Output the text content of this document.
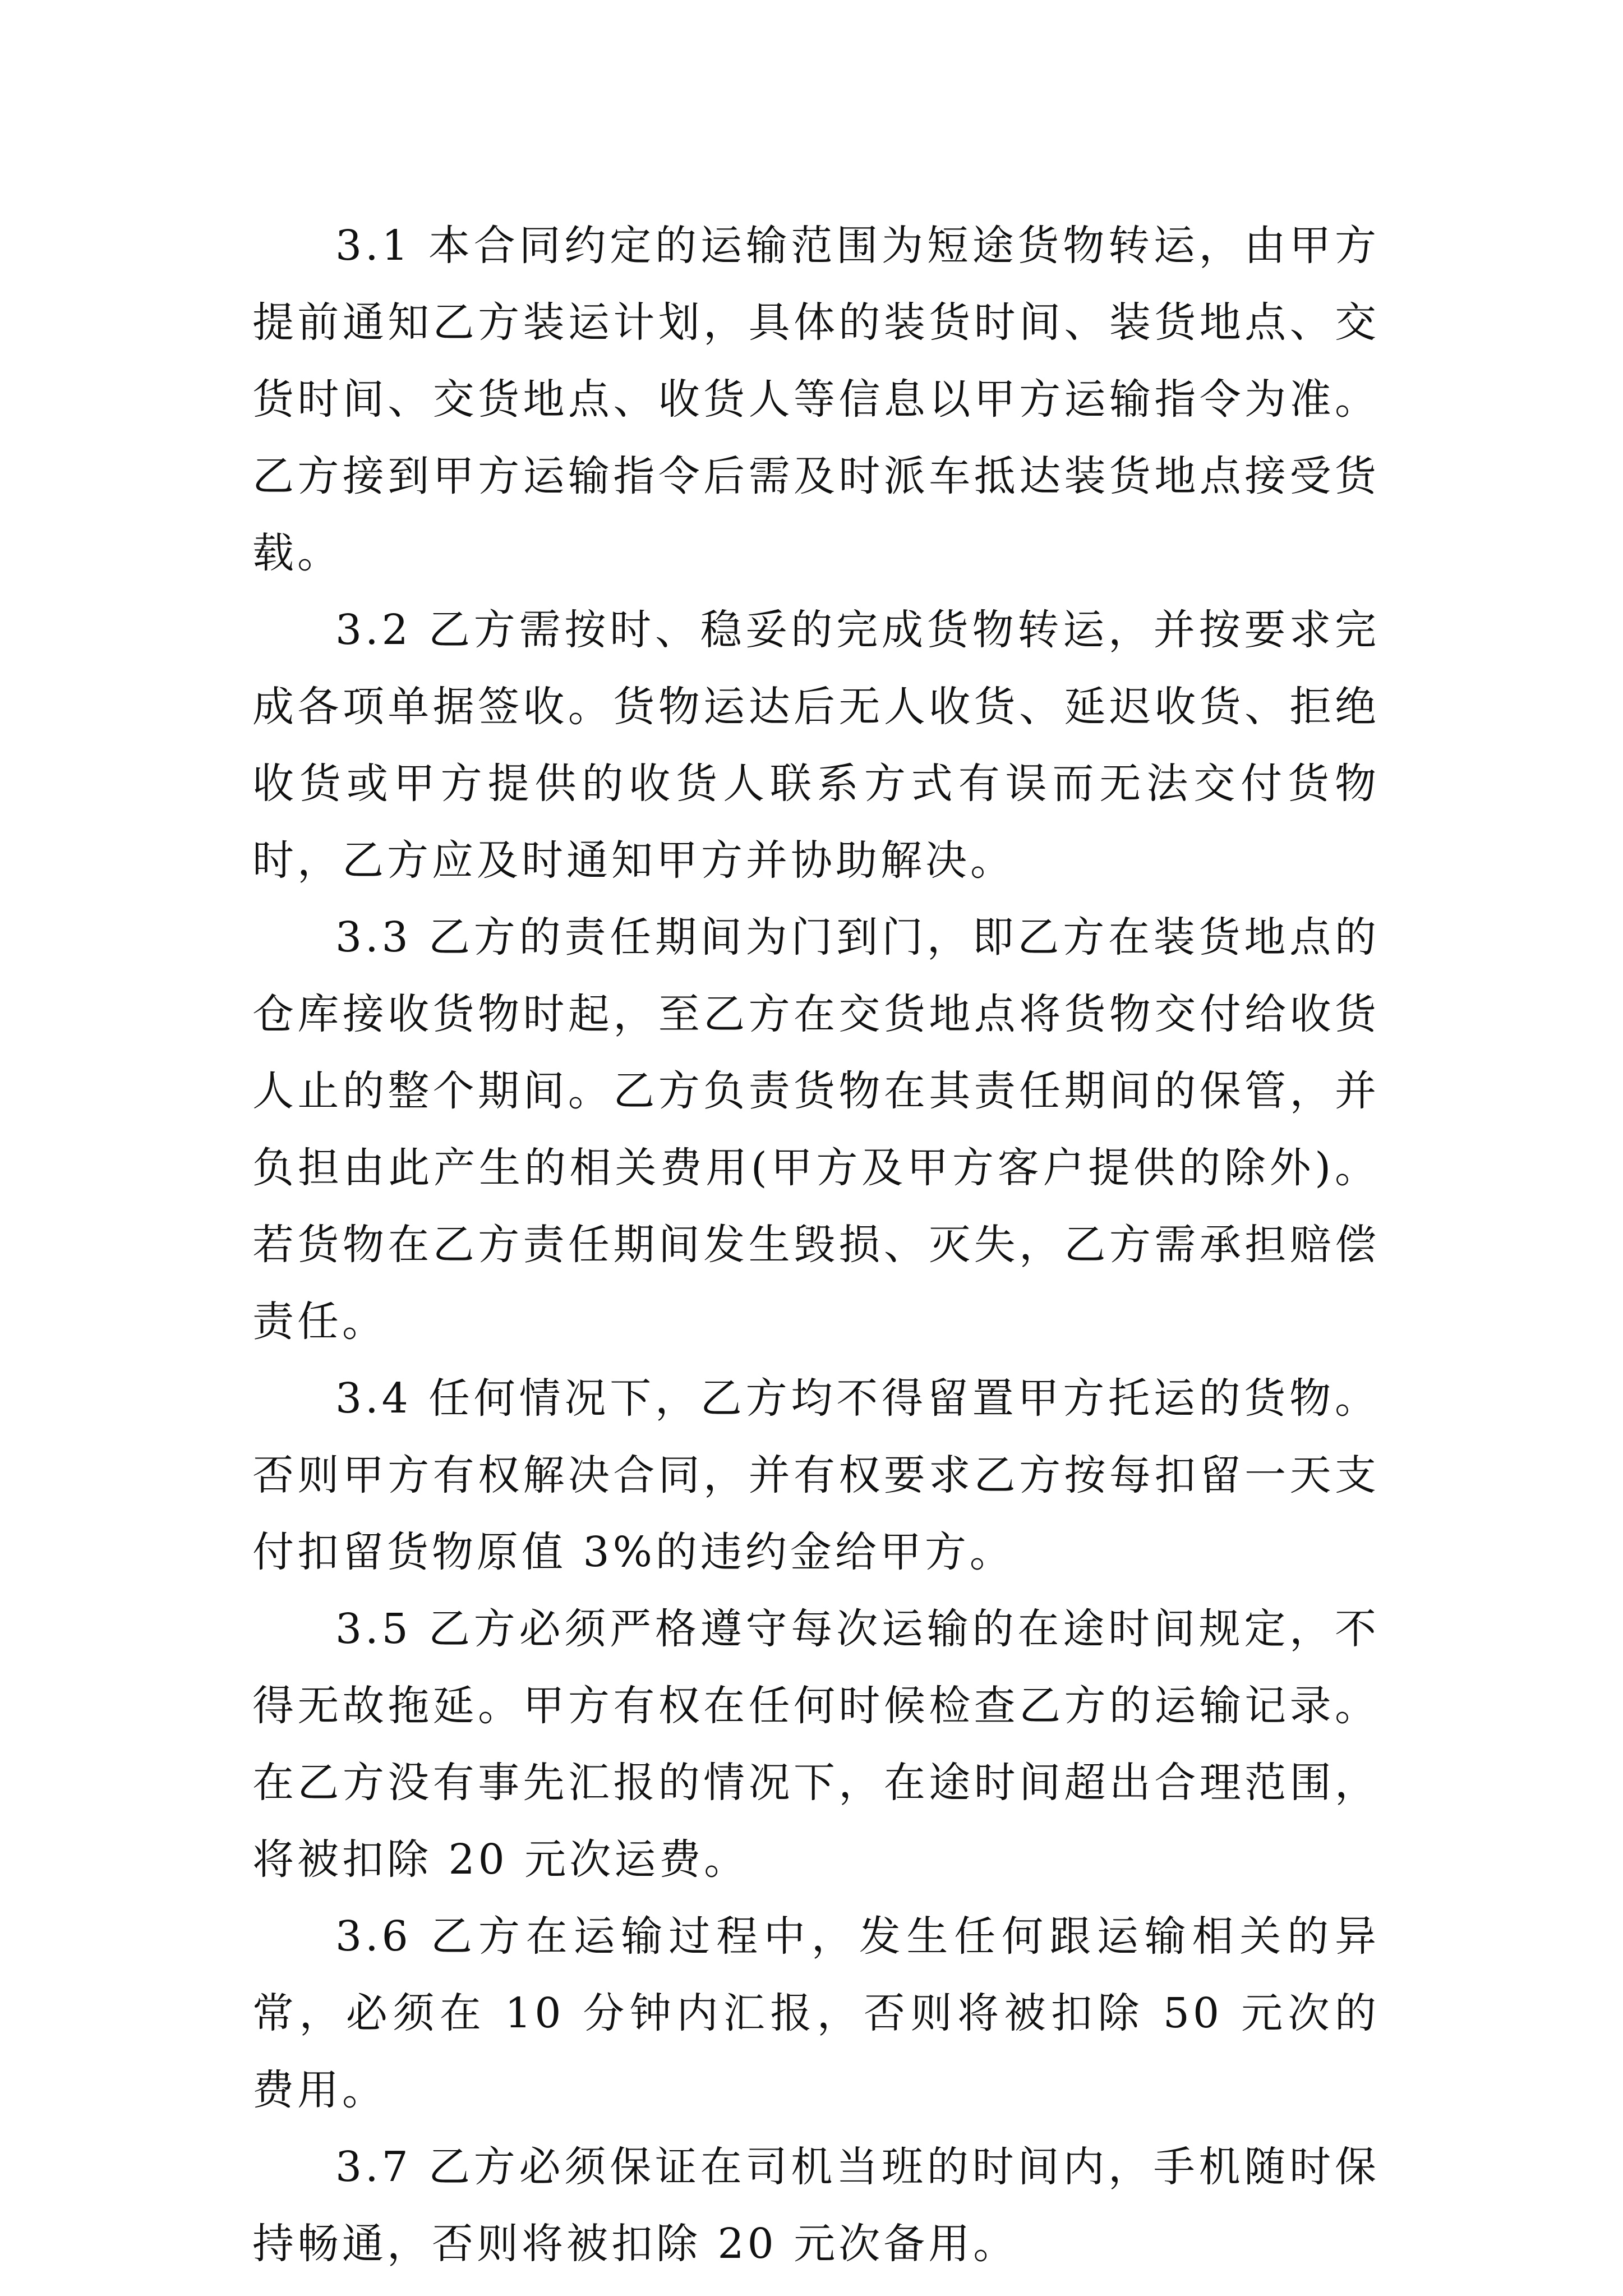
3.1 本合同约定的运输范围为短途货物转运，由甲方提前通知乙方装运计划，具体的装货时间、装货地点、交货时间、交货地点、收货人等信息以甲方运输指令为准。乙方接到甲方运输指令后需及时派车抵达装货地点接受货载。

3.2 乙方需按时、稳妥的完成货物转运，并按要求完成各项单据签收。货物运达后无人收货、延迟收货、拒绝收货或甲方提供的收货人联系方式有误而无法交付货物时，乙方应及时通知甲方并协助解决。

3.3 乙方的责任期间为门到门，即乙方在装货地点的仓库接收货物时起，至乙方在交货地点将货物交付给收货人止的整个期间。乙方负责货物在其责任期间的保管，并负担由此产生的相关费用(甲方及甲方客户提供的除外)。若货物在乙方责任期间发生毁损、灭失，乙方需承担赔偿责任。

3.4 任何情况下，乙方均不得留置甲方托运的货物。否则甲方有权解决合同，并有权要求乙方按每扣留一天支付扣留货物原值 3%的违约金给甲方。

3.5 乙方必须严格遵守每次运输的在途时间规定，不得无故拖延。甲方有权在任何时候检查乙方的运输记录。在乙方没有事先汇报的情况下，在途时间超出合理范围，将被扣除 20 元次运费。

3.6 乙方在运输过程中，发生任何跟运输相关的异常，必须在 10 分钟内汇报，否则将被扣除 50 元次的费用。

3.7 乙方必须保证在司机当班的时间内，手机随时保持畅通，否则将被扣除 20 元次备用。
